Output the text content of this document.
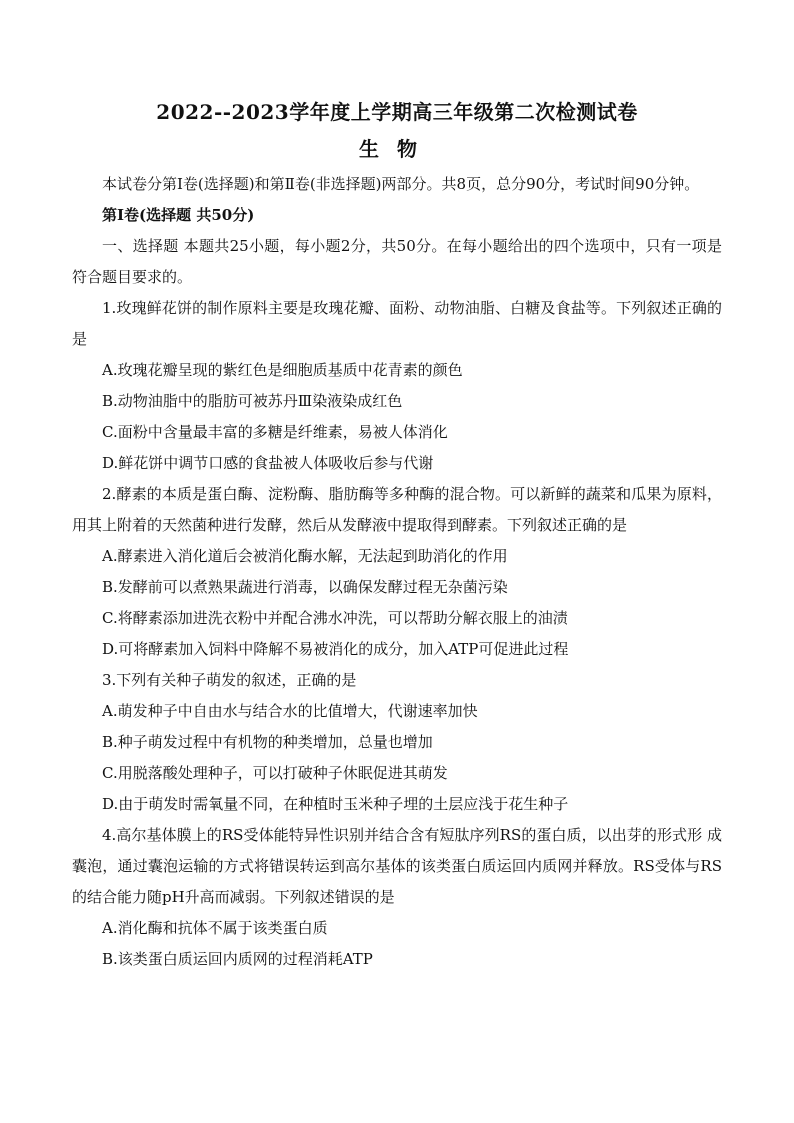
2022--2023学年度上学期高三年级第二次检测试卷
生物

本试卷分第Ⅰ卷(选择题)和第Ⅱ卷(非选择题)两部分。共8页，总分90分，考试时间90分钟。

第Ⅰ卷(选择题 共50分)

一、选择题 本题共25小题，每小题2分，共50分。在每小题给出的四个选项中，只有一项是符合题目要求的。

1.玫瑰鲜花饼的制作原料主要是玫瑰花瓣、面粉、动物油脂、白糖及食盐等。下列叙述正确的是

A.玫瑰花瓣呈现的紫红色是细胞质基质中花青素的颜色

B.动物油脂中的脂肪可被苏丹Ⅲ染液染成红色

C.面粉中含量最丰富的多糖是纤维素，易被人体消化

D.鲜花饼中调节口感的食盐被人体吸收后参与代谢

2.酵素的本质是蛋白酶、淀粉酶、脂肪酶等多种酶的混合物。可以新鲜的蔬菜和瓜果为原料，用其上附着的天然菌种进行发酵，然后从发酵液中提取得到酵素。下列叙述正确的是

A.酵素进入消化道后会被消化酶水解，无法起到助消化的作用

B.发酵前可以煮熟果蔬进行消毒，以确保发酵过程无杂菌污染

C.将酵素添加进洗衣粉中并配合沸水冲洗，可以帮助分解衣服上的油渍

D.可将酵素加入饲料中降解不易被消化的成分，加入ATP可促进此过程

3.下列有关种子萌发的叙述，正确的是

A.萌发种子中自由水与结合水的比值增大，代谢速率加快

B.种子萌发过程中有机物的种类增加，总量也增加

C.用脱落酸处理种子，可以打破种子休眠促进其萌发

D.由于萌发时需氧量不同，在种植时玉米种子埋的土层应浅于花生种子

4.高尔基体膜上的RS受体能特异性识别并结合含有短肽序列RS的蛋白质，以出芽的形式形 成囊泡，通过囊泡运输的方式将错误转运到高尔基体的该类蛋白质运回内质网并释放。RS受体与RS的结合能力随pH升高而减弱。下列叙述错误的是

A.消化酶和抗体不属于该类蛋白质

B.该类蛋白质运回内质网的过程消耗ATP
